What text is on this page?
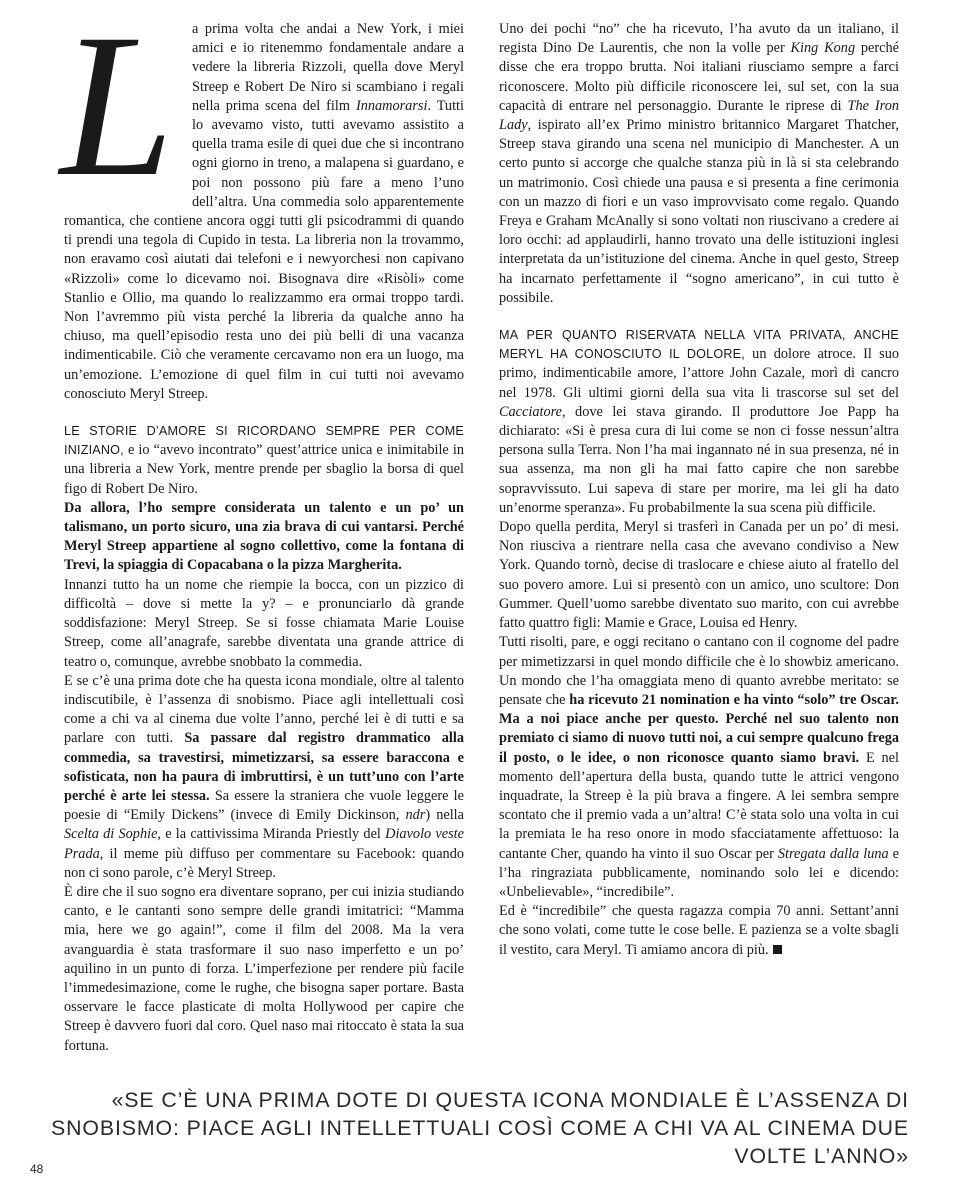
L	a prima volta che andai a New York, i miei amici e io ritenemmo fondamentale andare a vedere la libreria Rizzoli, quella dove Meryl Streep e Robert De Niro si scambiano i regali nella prima scena del film Innamorarsi. Tutti lo avevamo visto, tutti avevamo assistito a quella trama esile di quei due che si incontrano ogni giorno in treno, a malapena si guardano, e poi non possono più fare a meno l’uno dell’altra. Una commedia solo apparentemente romantica, che contiene ancora oggi tutti gli psicodrammi di quando ti prendi una tegola di Cupido in testa. La libreria non la trovammo, non eravamo così aiutati dai telefoni e i newyorchesi non capivano «Rizzoli» come lo dicevamo noi. Bisognava dire «Risòli» come Stanlio e Ollio, ma quando lo realizzammo era ormai troppo tardi. Non l’avremmo più vista perché la libreria da qualche anno ha chiuso, ma quell’episodio resta uno dei più belli di una vacanza indimenticabile. Ciò che veramente cercavamo non era un luogo, ma un’emozione. L’emozione di quel film in cui tutti noi avevamo conosciuto Meryl Streep.

LE STORIE D’AMORE SI RICORDANO SEMPRE PER COME INIZIANO, e io “avevo incontrato” quest’attrice unica e inimitabile in una libreria a New York, mentre prende per sbaglio la borsa di quel figo di Robert De Niro.

Da allora, l’ho sempre considerata un talento e un po’ un talismano, un porto sicuro, una zia brava di cui vantarsi. Perché Meryl Streep appartiene al sogno collettivo, come la fontana di Trevi, la spiaggia di Copacabana o la pizza Margherita.

Innanzi tutto ha un nome che riempie la bocca, con un pizzico di difficoltà – dove si mette la y? – e pronunciarlo dà grande soddisfazione: Meryl Streep. Se si fosse chiamata Marie Louise Streep, come all’anagrafe, sarebbe diventata una grande attrice di teatro o, comunque, avrebbe snobbato la commedia.

E se c’è una prima dote che ha questa icona mondiale, oltre al talento indiscutibile, è l’assenza di snobismo. Piace agli intellettuali così come a chi va al cinema due volte l’anno, perché lei è di tutti e sa parlare con tutti. Sa passare dal registro drammatico alla commedia, sa travestirsi, mimetizzarsi, sa essere baraccona e sofisticata, non ha paura di imbruttirsi, è un tutt’uno con l’arte perché è arte lei stessa. Sa essere la straniera che vuole leggere le poesie di “Emily Dickens” (invece di Emily Dickinson, ndr) nella Scelta di Sophie, e la cattivissima Miranda Priestly del Diavolo veste Prada, il meme più diffuso per commentare su Facebook: quando non ci sono parole, c’è Meryl Streep.

È dire che il suo sogno era diventare soprano, per cui inizia studiando canto, e le cantanti sono sempre delle grandi imitatrici: “Mamma mia, here we go again!”, come il film del 2008. Ma la vera avanguardia è stata trasformare il suo naso imperfetto e un po’ aquilino in un punto di forza. L’imperfezione per rendere più facile l’immedesimazione, come le rughe, che bisogna saper portare. Basta osservare le facce plasticate di molta Hollywood per capire che Streep è davvero fuori dal coro. Quel naso mai ritoccato è stata la sua fortuna.

Uno dei pochi “no” che ha ricevuto, l’ha avuto da un italiano, il regista Dino De Laurentis, che non la volle per King Kong perché disse che era troppo brutta. Noi italiani riusciamo sempre a farci riconoscere. Molto più difficile riconoscere lei, sul set, con la sua capacità di entrare nel personaggio. Durante le riprese di The Iron Lady, ispirato all’ex Primo ministro britannico Margaret Thatcher, Streep stava girando una scena nel municipio di Manchester. A un certo punto si accorge che qualche stanza più in là si sta celebrando un matrimonio. Così chiede una pausa e si presenta a fine cerimonia con un mazzo di fiori e un vaso improvvisato come regalo. Quando Freya e Graham McAnally si sono voltati non riuscivano a credere ai loro occhi: ad applaudirli, hanno trovato una delle istituzioni inglesi interpretata da un’istituzione del cinema. Anche in quel gesto, Streep ha incarnato perfettamente il “sogno americano”, in cui tutto è possibile.

MA PER QUANTO RISERVATA NELLA VITA PRIVATA, ANCHE MERYL HA CONOSCIUTO IL DOLORE, un dolore atroce. Il suo primo, indimenticabile amore, l’attore John Cazale, morì di cancro nel 1978. Gli ultimi giorni della sua vita li trascorse sul set del Cacciatore, dove lei stava girando. Il produttore Joe Papp ha dichiarato: «Si è presa cura di lui come se non ci fosse nessun’altra persona sulla Terra. Non l’ha mai ingannato né in sua presenza, né in sua assenza, ma non gli ha mai fatto capire che non sarebbe sopravvissuto. Lui sapeva di stare per morire, ma lei gli ha dato un’enorme speranza». Fu probabilmente la sua scena più difficile.

Dopo quella perdita, Meryl si trasferì in Canada per un po’ di mesi. Non riusciva a rientrare nella casa che avevano condiviso a New York. Quando tornò, decise di traslocare e chiese aiuto al fratello del suo povero amore. Lui si presentò con un amico, uno scultore: Don Gummer. Quell’uomo sarebbe diventato suo marito, con cui avrebbe fatto quattro figli: Mamie e Grace, Louisa ed Henry.

Tutti risolti, pare, e oggi recitano o cantano con il cognome del padre per mimetizzarsi in quel mondo difficile che è lo showbiz americano. Un mondo che l’ha omaggiata meno di quanto avrebbe meritato: se pensate che ha ricevuto 21 nomination e ha vinto “solo” tre Oscar. Ma a noi piace anche per questo. Perché nel suo talento non premiato ci siamo di nuovo tutti noi, a cui sempre qualcuno frega il posto, o le idee, o non riconosce quanto siamo bravi. E nel momento dell’apertura della busta, quando tutte le attrici vengono inquadrate, la Streep è la più brava a fingere. A lei sembra sempre scontato che il premio vada a un’altra! C’è stata solo una volta in cui la premiata le ha reso onore in modo sfacciatamente affettuoso: la cantante Cher, quando ha vinto il suo Oscar per Stregata dalla luna e l’ha ringraziata pubblicamente, nominando solo lei e dicendo: «Unbelievable», “incredibile”.

Ed è “incredibile” che questa ragazza compia 70 anni. Settant’anni che sono volati, come tutte le cose belle. E pazienza se a volte sbagli il vestito, cara Meryl. Ti amiamo ancora di più.

«SE C’È UNA PRIMA DOTE DI QUESTA ICONA MONDIALE È L’ASSENZA DI SNOBISMO: PIACE AGLI INTELLETTUALI COSÌ COME A CHI VA AL CINEMA DUE VOLTE L’ANNO»
48
